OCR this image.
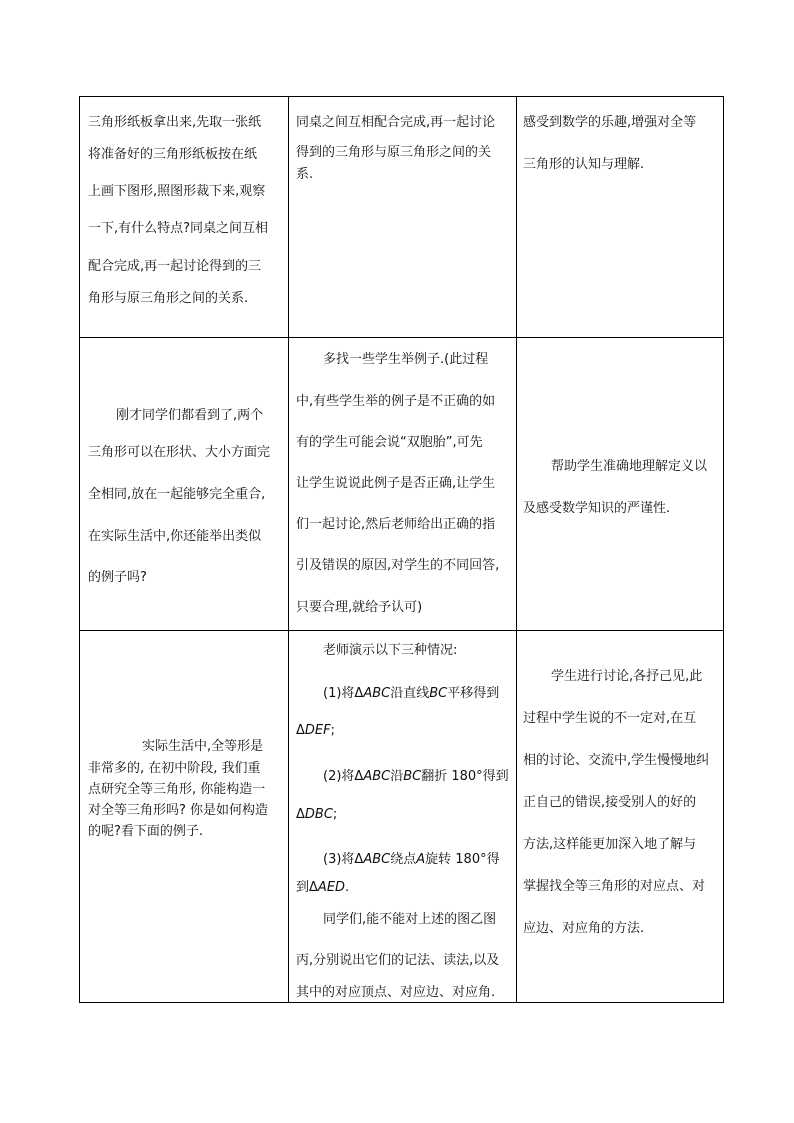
三角形纸板拿出来,先取一张纸
将准备好的三角形纸板按在纸
上画下图形,照图形裁下来,观察
一下,有什么特点?同桌之间互相
配合完成,再一起讨论得到的三
角形与原三角形之间的关系.
同桌之间互相配合完成,再一起讨论
得到的三角形与原三角形之间的关
系.
感受到数学的乐趣,增强对全等
三角形的认知与理解.
刚才同学们都看到了,两个
三角形可以在形状、大小方面完
全相同,放在一起能够完全重合,
在实际生活中,你还能举出类似
的例子吗?
多找一些学生举例子.(此过程
中,有些学生举的例子是不正确的如
有的学生可能会说“双胞胎”,可先
让学生说说此例子是否正确,让学生
们一起讨论,然后老师给出正确的指
引及错误的原因,对学生的不同回答,
只要合理,就给予认可)
帮助学生准确地理解定义以
及感受数学知识的严谨性.
实际生活中,全等形是
非常多的, 在初中阶段, 我们重
点研究全等三角形, 你能构造一
对全等三角形吗? 你是如何构造
的呢?看下面的例子.
老师演示以下三种情况:
(1)将ΔABC沿直线BC平移得到
ΔDEF;
(2)将ΔABC沿BC翻折 180°得到
ΔDBC;
(3)将ΔABC绕点A旋转 180°得
到ΔAED.
同学们,能不能对上述的图乙图
丙,分别说出它们的记法、读法,以及
其中的对应顶点、对应边、对应角.
学生进行讨论,各抒己见,此
过程中学生说的不一定对,在互
相的讨论、交流中,学生慢慢地纠
正自己的错误,接受别人的好的
方法,这样能更加深入地了解与
掌握找全等三角形的对应点、对
应边、对应角的方法.
